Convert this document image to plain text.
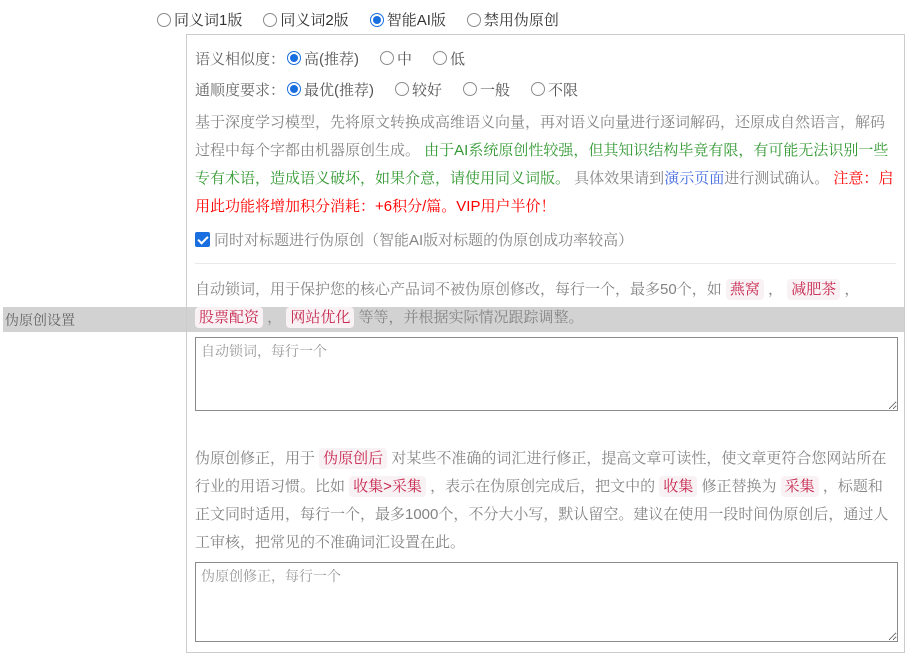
同义词1版	同义词2版	智能AI版	禁用伪原创
伪原创设置
语义相似度： 高(推荐)	中	低
通顺度要求： 最优(推荐)	较好	一般	不限
基于深度学习模型，先将原文转换成高维语义向量，再对语义向量进行逐词解码，还原成自然语言，解码过程中每个字都由机器原创生成。 由于AI系统原创性较强，但其知识结构毕竟有限，有可能无法识别一些专有术语，造成语义破坏，如果介意，请使用同义词版。 具体效果请到演示页面进行测试确认。 注意：启用此功能将增加积分消耗：+6积分/篇。VIP用户半价！
同时对标题进行伪原创（智能AI版对标题的伪原创成功率较高）
自动锁词，用于保护您的核心产品词不被伪原创修改，每行一个，最多50个，如 燕窝 ， 减肥茶 ， 股票配资 ， 网站优化 等等，并根据实际情况跟踪调整。
自动锁词，每行一个
伪原创修正，用于 伪原创后 对某些不准确的词汇进行修正，提高文章可读性，使文章更符合您网站所在行业的用语习惯。比如 收集>采集 ，表示在伪原创完成后，把文中的 收集 修正替换为 采集 ，标题和正文同时适用，每行一个，最多1000个，不分大小写，默认留空。建议在使用一段时间伪原创后，通过人工审核，把常见的不准确词汇设置在此。
伪原创修正，每行一个
